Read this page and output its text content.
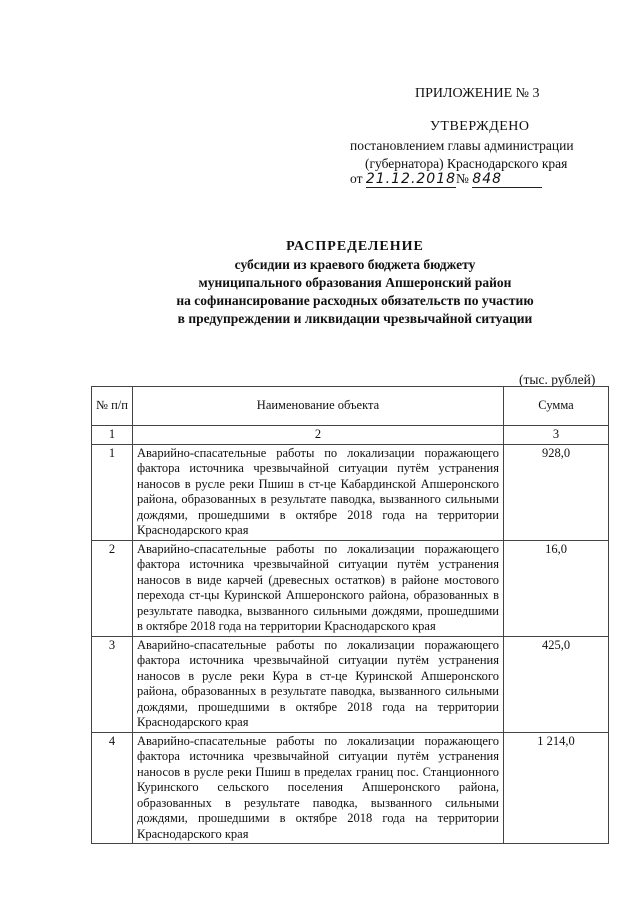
ПРИЛОЖЕНИЕ № 3
УТВЕРЖДЕНО
постановлением главы администрации
(губернатора) Краснодарского края
от 21.12.2018№ 848
РАСПРЕДЕЛЕНИЕ
субсидии из краевого бюджета бюджету
муниципального образования Апшеронский район
на софинансирование расходных обязательств по участию
в предупреждении и ликвидации чрезвычайной ситуации
(тыс. рублей)
№ п/п	Наименование объекта	Сумма
1	2	3
1	Аварийно-спасательные работы по локализации поражающего фактора источника чрезвычайной ситуации путём устранения наносов в русле реки Пшиш в ст-це Кабардинской Апшеронского района, образованных в результате паводка, вызванного сильными дождями, прошедшими в октябре 2018 года на территории Краснодарского края	928,0
2	Аварийно-спасательные работы по локализации поражающего фактора источника чрезвычайной ситуации путём устранения наносов в виде карчей (древесных остатков) в районе мостового перехода ст-цы Куринской Апшеронского района, образованных в результате паводка, вызванного сильными дождями, прошедшими в октябре 2018 года на территории Краснодарского края	16,0
3	Аварийно-спасательные работы по локализации поражающего фактора источника чрезвычайной ситуации путём устранения наносов в русле реки Кура в ст-це Куринской Апшеронского района, образованных в результате паводка, вызванного сильными дождями, прошедшими в октябре 2018 года на территории Краснодарского края	425,0
4	Аварийно-спасательные работы по локализации поражающего фактора источника чрезвычайной ситуации путём устранения наносов в русле реки Пшиш в пределах границ пос. Станционного Куринского сельского поселения Апшеронского района, образованных в результате паводка, вызванного сильными дождями, прошедшими в октябре 2018 года на территории Краснодарского края	1 214,0
